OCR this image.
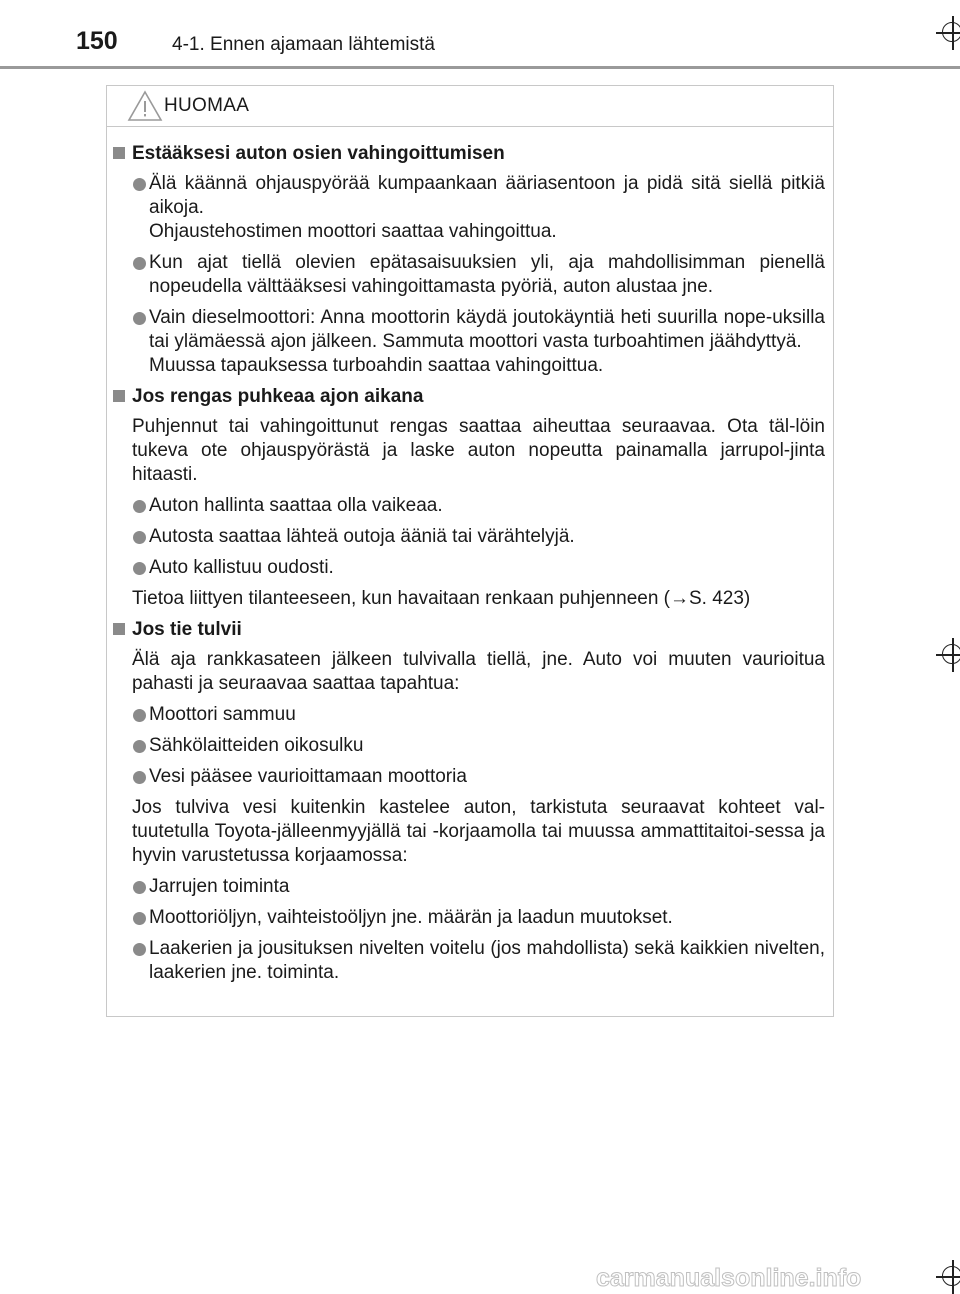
150	4-1. Ennen ajamaan lähtemistä
HUOMAA
Estääksesi auton osien vahingoittumisen
Älä käännä ohjauspyörää kumpaankaan ääriasentoon ja pidä sitä siellä pitkiä aikoja.
Ohjaustehostimen moottori saattaa vahingoittua.
Kun ajat tiellä olevien epätasaisuuksien yli, aja mahdollisimman pienellä nopeudella välttääksesi vahingoittamasta pyöriä, auton alustaa jne.
Vain dieselmoottori: Anna moottorin käydä joutokäyntiä heti suurilla nope-uksilla tai ylämäessä ajon jälkeen. Sammuta moottori vasta turboahtimen jäähdyttyä.
Muussa tapauksessa turboahdin saattaa vahingoittua.
Jos rengas puhkeaa ajon aikana
Puhjennut tai vahingoittunut rengas saattaa aiheuttaa seuraavaa. Ota täl-löin tukeva ote ohjauspyörästä ja laske auton nopeutta painamalla jarrupol-jinta hitaasti.
Auton hallinta saattaa olla vaikeaa.
Autosta saattaa lähteä outoja ääniä tai värähtelyjä.
Auto kallistuu oudosti.
Tietoa liittyen tilanteeseen, kun havaitaan renkaan puhjenneen (→S. 423)
Jos tie tulvii
Älä aja rankkasateen jälkeen tulvivalla tiellä, jne. Auto voi muuten vaurioitua pahasti ja seuraavaa saattaa tapahtua:
Moottori sammuu
Sähkölaitteiden oikosulku
Vesi pääsee vaurioittamaan moottoria
Jos tulviva vesi kuitenkin kastelee auton, tarkistuta seuraavat kohteet val-tuutetulla Toyota-jälleenmyyjällä tai -korjaamolla tai muussa ammattitaitoi-sessa ja hyvin varustetussa korjaamossa:
Jarrujen toiminta
Moottoriöljyn, vaihteistoöljyn jne. määrän ja laadun muutokset.
Laakerien ja jousituksen nivelten voitelu (jos mahdollista) sekä kaikkien nivelten, laakerien jne. toiminta.
carmanualsonline.info
